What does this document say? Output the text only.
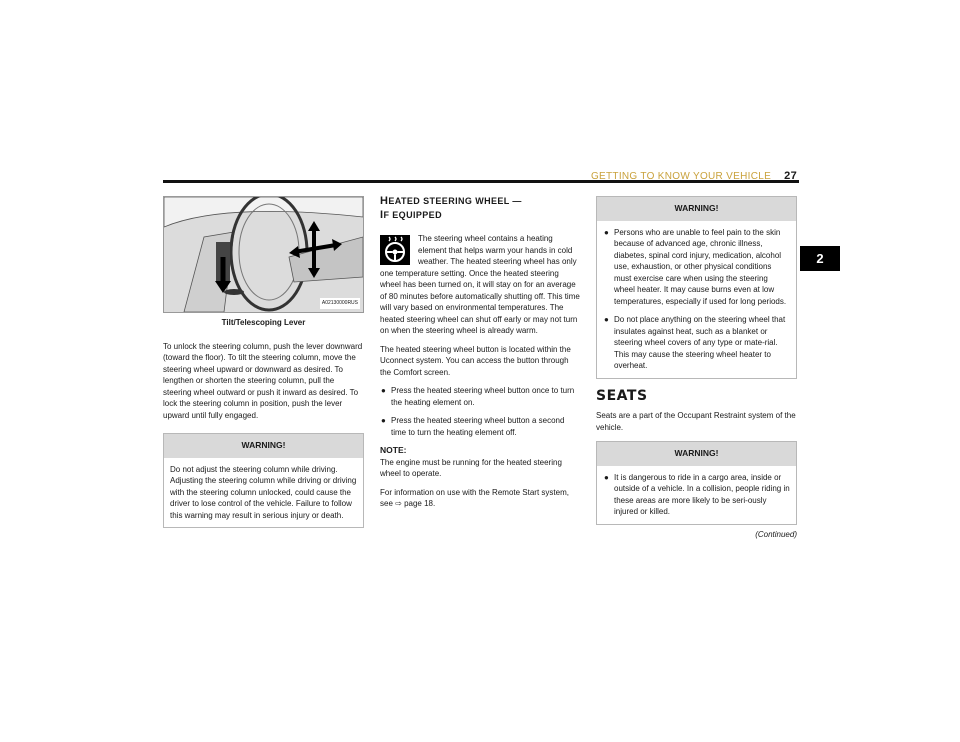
GETTING TO KNOW YOUR VEHICLE 27
2
A02130000RUS
Tilt/Telescoping Lever

To unlock the steering column, push the lever downward (toward the floor). To tilt the steering column, move the steering wheel upward or downward as desired. To lengthen or shorten the steering column, pull the steering wheel outward or push it inward as desired. To lock the steering column in position, push the lever upward until fully engaged.

WARNING!
Do not adjust the steering column while driving. Adjusting the steering column while driving or driving with the steering column unlocked, could cause the driver to lose control of the vehicle. Failure to follow this warning may result in serious injury or death.
HEATED STEERING WHEEL —
IF EQUIPPED

The steering wheel contains a heating element that helps warm your hands in cold weather. The heated steering wheel has only one temperature setting. Once the heated steering wheel has been turned on, it will stay on for an average of 80 minutes before automatically shutting off. This time will vary based on environmental temperatures. The heated steering wheel can shut off early or may not turn on when the steering wheel is already warm.

The heated steering wheel button is located within the Uconnect system. You can access the button through the Comfort screen.

● Press the heated steering wheel button once to turn the heating element on.
● Press the heated steering wheel button a second time to turn the heating element off.
NOTE:

The engine must be running for the heated steering wheel to operate.

For information on use with the Remote Start system, see ⇨ page 18.

WARNING!
● Persons who are unable to feel pain to the skin because of advanced age, chronic illness, diabetes, spinal cord injury, medication, alcohol use, exhaustion, or other physical conditions must exercise care when using the steering wheel heater. It may cause burns even at low temperatures, especially if used for long periods.
● Do not place anything on the steering wheel that insulates against heat, such as a blanket or steering wheel covers of any type or mate-rial. This may cause the steering wheel heater to overheat.
SEATS

Seats are a part of the Occupant Restraint system of the vehicle.

WARNING!
● It is dangerous to ride in a cargo area, inside or outside of a vehicle. In a collision, people riding in these areas are more likely to be seri-ously injured or killed.
(Continued)
